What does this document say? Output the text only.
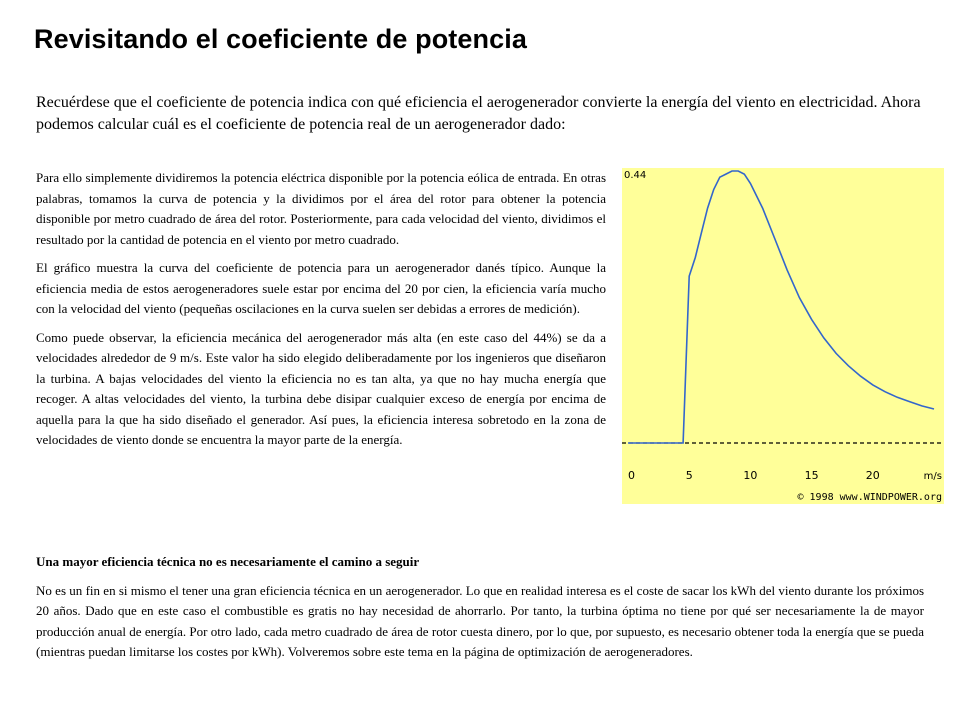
Revisitando el coeficiente de potencia

Recuérdese que el coeficiente de potencia indica con qué eficiencia el aerogenerador convierte la energía del viento en electricidad. Ahora podemos calcular cuál es el coeficiente de potencia real de un aerogenerador dado:

Para ello simplemente dividiremos la potencia eléctrica disponible por la potencia eólica de entrada. En otras palabras, tomamos la curva de potencia y la dividimos por el área del rotor para obtener la potencia disponible por metro cuadrado de área del rotor. Posteriormente, para cada velocidad del viento, dividimos el resultado por la cantidad de potencia en el viento por metro cuadrado.

El gráfico muestra la curva del coeficiente de potencia para un aerogenerador danés típico. Aunque la eficiencia media de estos aerogeneradores suele estar por encima del 20 por cien, la eficiencia varía mucho con la velocidad del viento (pequeñas oscilaciones en la curva suelen ser debidas a errores de medición).

Como puede observar, la eficiencia mecánica del aerogenerador más alta (en este caso del 44%) se da a velocidades alrededor de 9 m/s. Este valor ha sido elegido deliberadamente por los ingenieros que diseñaron la turbina. A bajas velocidades del viento la eficiencia no es tan alta, ya que no hay mucha energía que recoger. A altas velocidades del viento, la turbina debe disipar cualquier exceso de energía por encima de aquella para la que ha sido diseñado el generador. Así pues, la eficiencia interesa sobretodo en la zona de velocidades de viento donde se encuentra la mayor parte de la energía.

0.44
0	5	10	15	20	m/s
© 1998 www.WINDPOWER.org
Una mayor eficiencia técnica no es necesariamente el camino a seguir

No es un fin en si mismo el tener una gran eficiencia técnica en un aerogenerador. Lo que en realidad interesa es el coste de sacar los kWh del viento durante los próximos 20 años. Dado que en este caso el combustible es gratis no hay necesidad de ahorrarlo. Por tanto, la turbina óptima no tiene por qué ser necesariamente la de mayor producción anual de energía. Por otro lado, cada metro cuadrado de área de rotor cuesta dinero, por lo que, por supuesto, es necesario obtener toda la energía que se pueda (mientras puedan limitarse los costes por kWh). Volveremos sobre este tema en la página de optimización de aerogeneradores.
